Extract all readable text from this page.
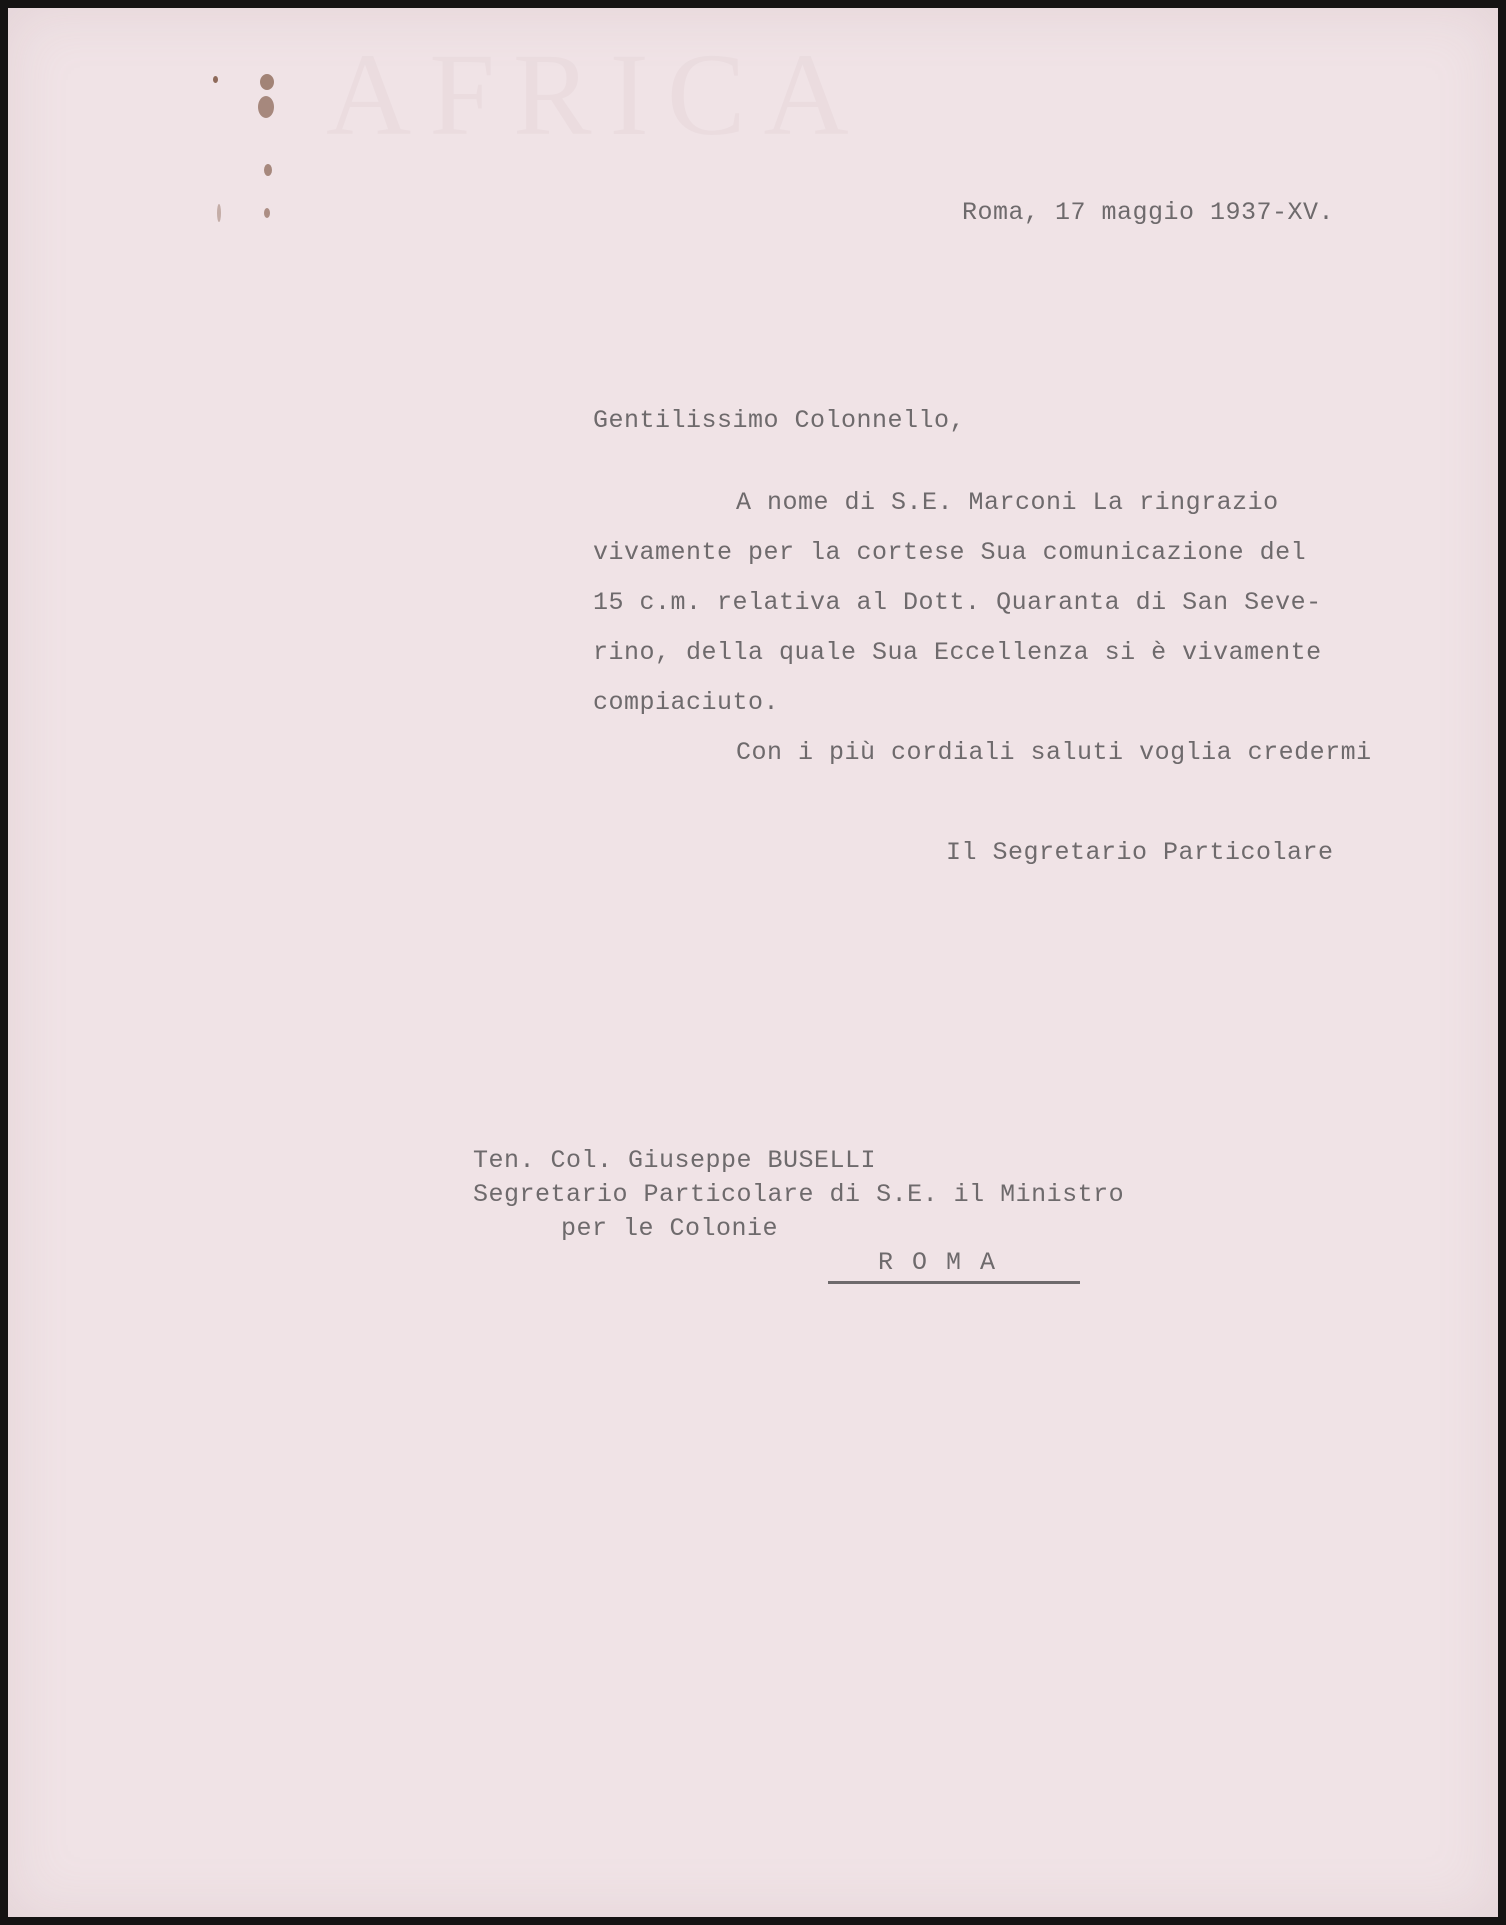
AFRICA
Roma, 17 maggio 1937-XV.
Gentilissimo Colonnello,
A nome di S.E. Marconi La ringrazio
vivamente per la cortese Sua comunicazione del
15 c.m. relativa al Dott. Quaranta di San Seve-
rino, della quale Sua Eccellenza si è vivamente
compiaciuto.
Con i più cordiali saluti voglia credermi
Il Segretario Particolare
Ten. Col. Giuseppe BUSELLI
Segretario Particolare di S.E. il Ministro
per le Colonie
R O M A
